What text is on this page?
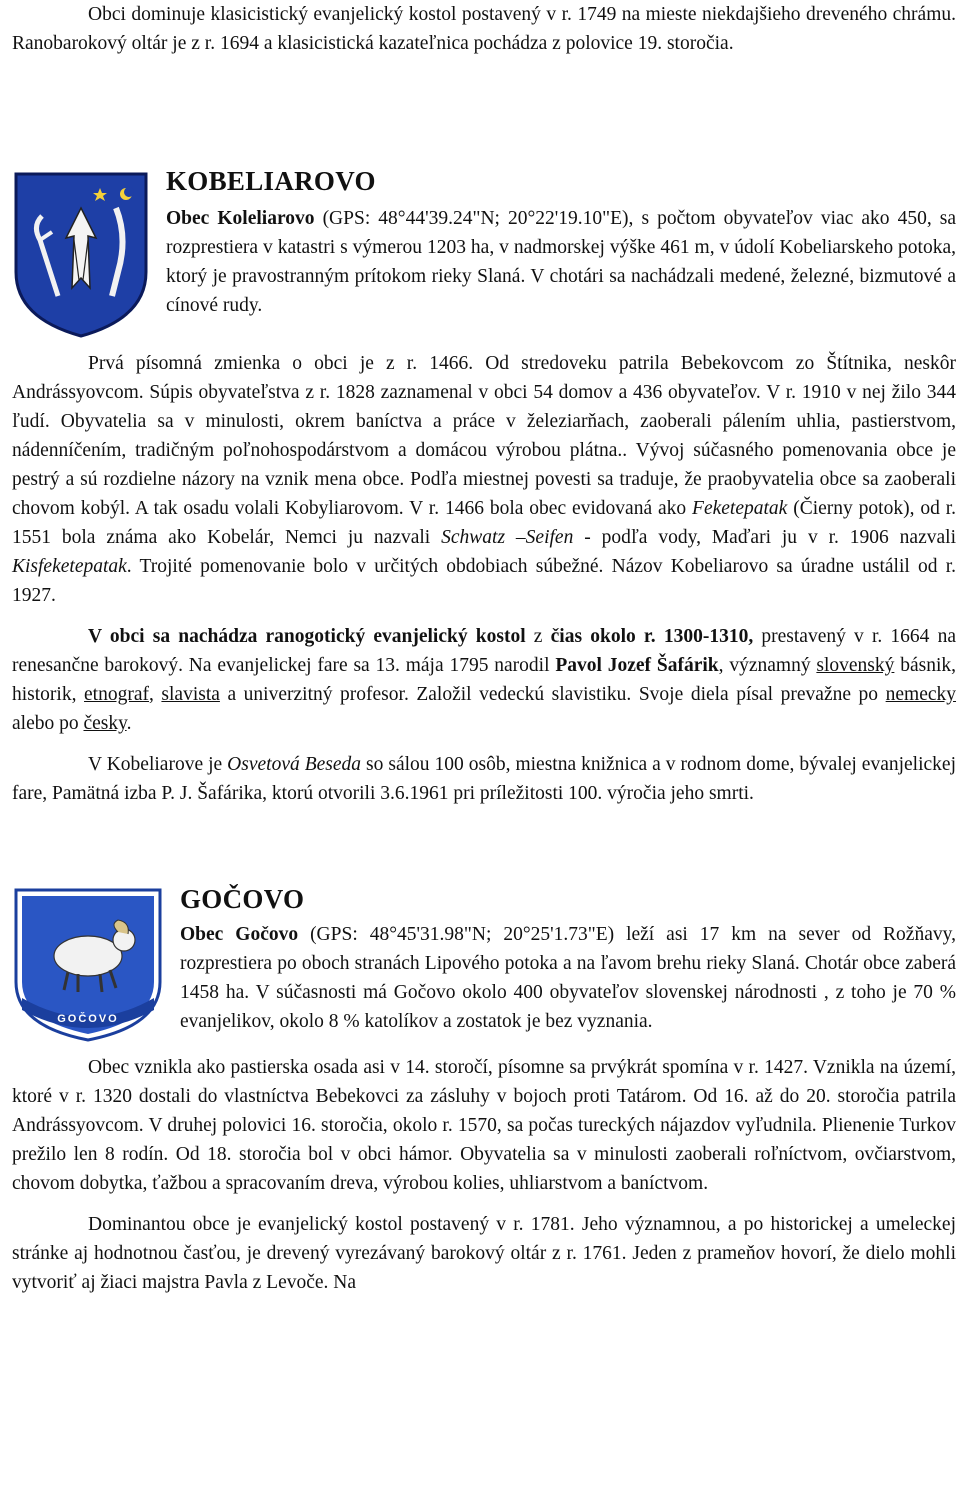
Obci dominuje klasicistický evanjelický kostol postavený v r. 1749 na mieste niekdajšieho dreveného chrámu. Ranobarokový oltár je z r. 1694 a klasicistická kazateľnica pochádza z polovice 19. storočia.

KOBELIAROVO

Obec Koleliarovo (GPS: 48°44'39.24"N; 20°22'19.10"E), s počtom obyvateľov viac ako 450, sa rozprestiera v katastri s výmerou 1203 ha, v nadmorskej výške 461 m, v údolí Kobeliarskeho potoka, ktorý je pravostranným prítokom rieky Slaná. V chotári sa nachádzali medené, železné, bizmutové a cínové rudy.

Prvá písomná zmienka o obci je z r. 1466. Od stredoveku patrila Bebekovcom zo Štítnika, neskôr Andrássyovcom. Súpis obyvateľstva z r. 1828 zaznamenal v obci 54 domov a 436 obyvateľov. V r. 1910 v nej žilo 344 ľudí. Obyvatelia sa v minulosti, okrem baníctva a práce v železiarňach, zaoberali pálením uhlia, pastierstvom, nádenníčením, tradičným poľnohospodárstvom a domácou výrobou plátna.. Vývoj súčasného pomenovania obce je pestrý a sú rozdielne názory na vznik mena obce. Podľa miestnej povesti sa traduje, že praobyvatelia obce sa zaoberali chovom kobýl. A tak osadu volali Kobyliarovom. V r. 1466 bola obec evidovaná ako Feketepatak (Čierny potok), od r. 1551 bola známa ako Kobelár, Nemci ju nazvali Schwatz –Seifen - podľa vody, Maďari ju v r. 1906 nazvali Kisfeketepatak. Trojité pomenovanie bolo v určitých obdobiach súbežné. Názov Kobeliarovo sa úradne ustálil od r. 1927.

V obci sa nachádza ranogotický evanjelický kostol z čias okolo r. 1300-1310, prestavený v r. 1664 na renesančne barokový. Na evanjelickej fare sa 13. mája 1795 narodil Pavol Jozef Šafárik, významný slovenský básnik, historik, etnograf, slavista a univerzitný profesor. Založil vedeckú slavistiku. Svoje diela písal prevažne po nemecky alebo po česky.

V Kobeliarove je Osvetová Beseda so sálou 100 osôb, miestna knižnica a v rodnom dome, bývalej evanjelickej fare, Pamätná izba P. J. Šafárika, ktorú otvorili 3.6.1961 pri príležitosti 100. výročia jeho smrti.

GOČOVO
GOČOVO

Obec Gočovo (GPS: 48°45'31.98"N; 20°25'1.73"E) leží asi 17 km na sever od Rožňavy, rozprestiera po oboch stranách Lipového potoka a na ľavom brehu rieky Slaná. Chotár obce zaberá 1458 ha. V súčasnosti má Gočovo okolo 400 obyvateľov slovenskej národnosti , z toho je 70 % evanjelikov, okolo 8 % katolíkov a zostatok je bez vyznania.

Obec vznikla ako pastierska osada asi v 14. storočí, písomne sa prvýkrát spomína v r. 1427. Vznikla na území, ktoré v r. 1320 dostali do vlastníctva Bebekovci za zásluhy v bojoch proti Tatárom. Od 16. až do 20. storočia patrila Andrássyovcom. V druhej polovici 16. storočia, okolo r. 1570, sa počas tureckých nájazdov vyľudnila. Plienenie Turkov prežilo len 8 rodín. Od 18. storočia bol v obci hámor. Obyvatelia sa v minulosti zaoberali roľníctvom, ovčiarstvom, chovom dobytka, ťažbou a spracovaním dreva, výrobou kolies, uhliarstvom a baníctvom.

Dominantou obce je evanjelický kostol postavený v r. 1781. Jeho významnou, a po historickej a umeleckej stránke aj hodnotnou časťou, je drevený vyrezávaný barokový oltár z r. 1761. Jeden z prameňov hovorí, že dielo mohli vytvoriť aj žiaci majstra Pavla z Levoče. Na
